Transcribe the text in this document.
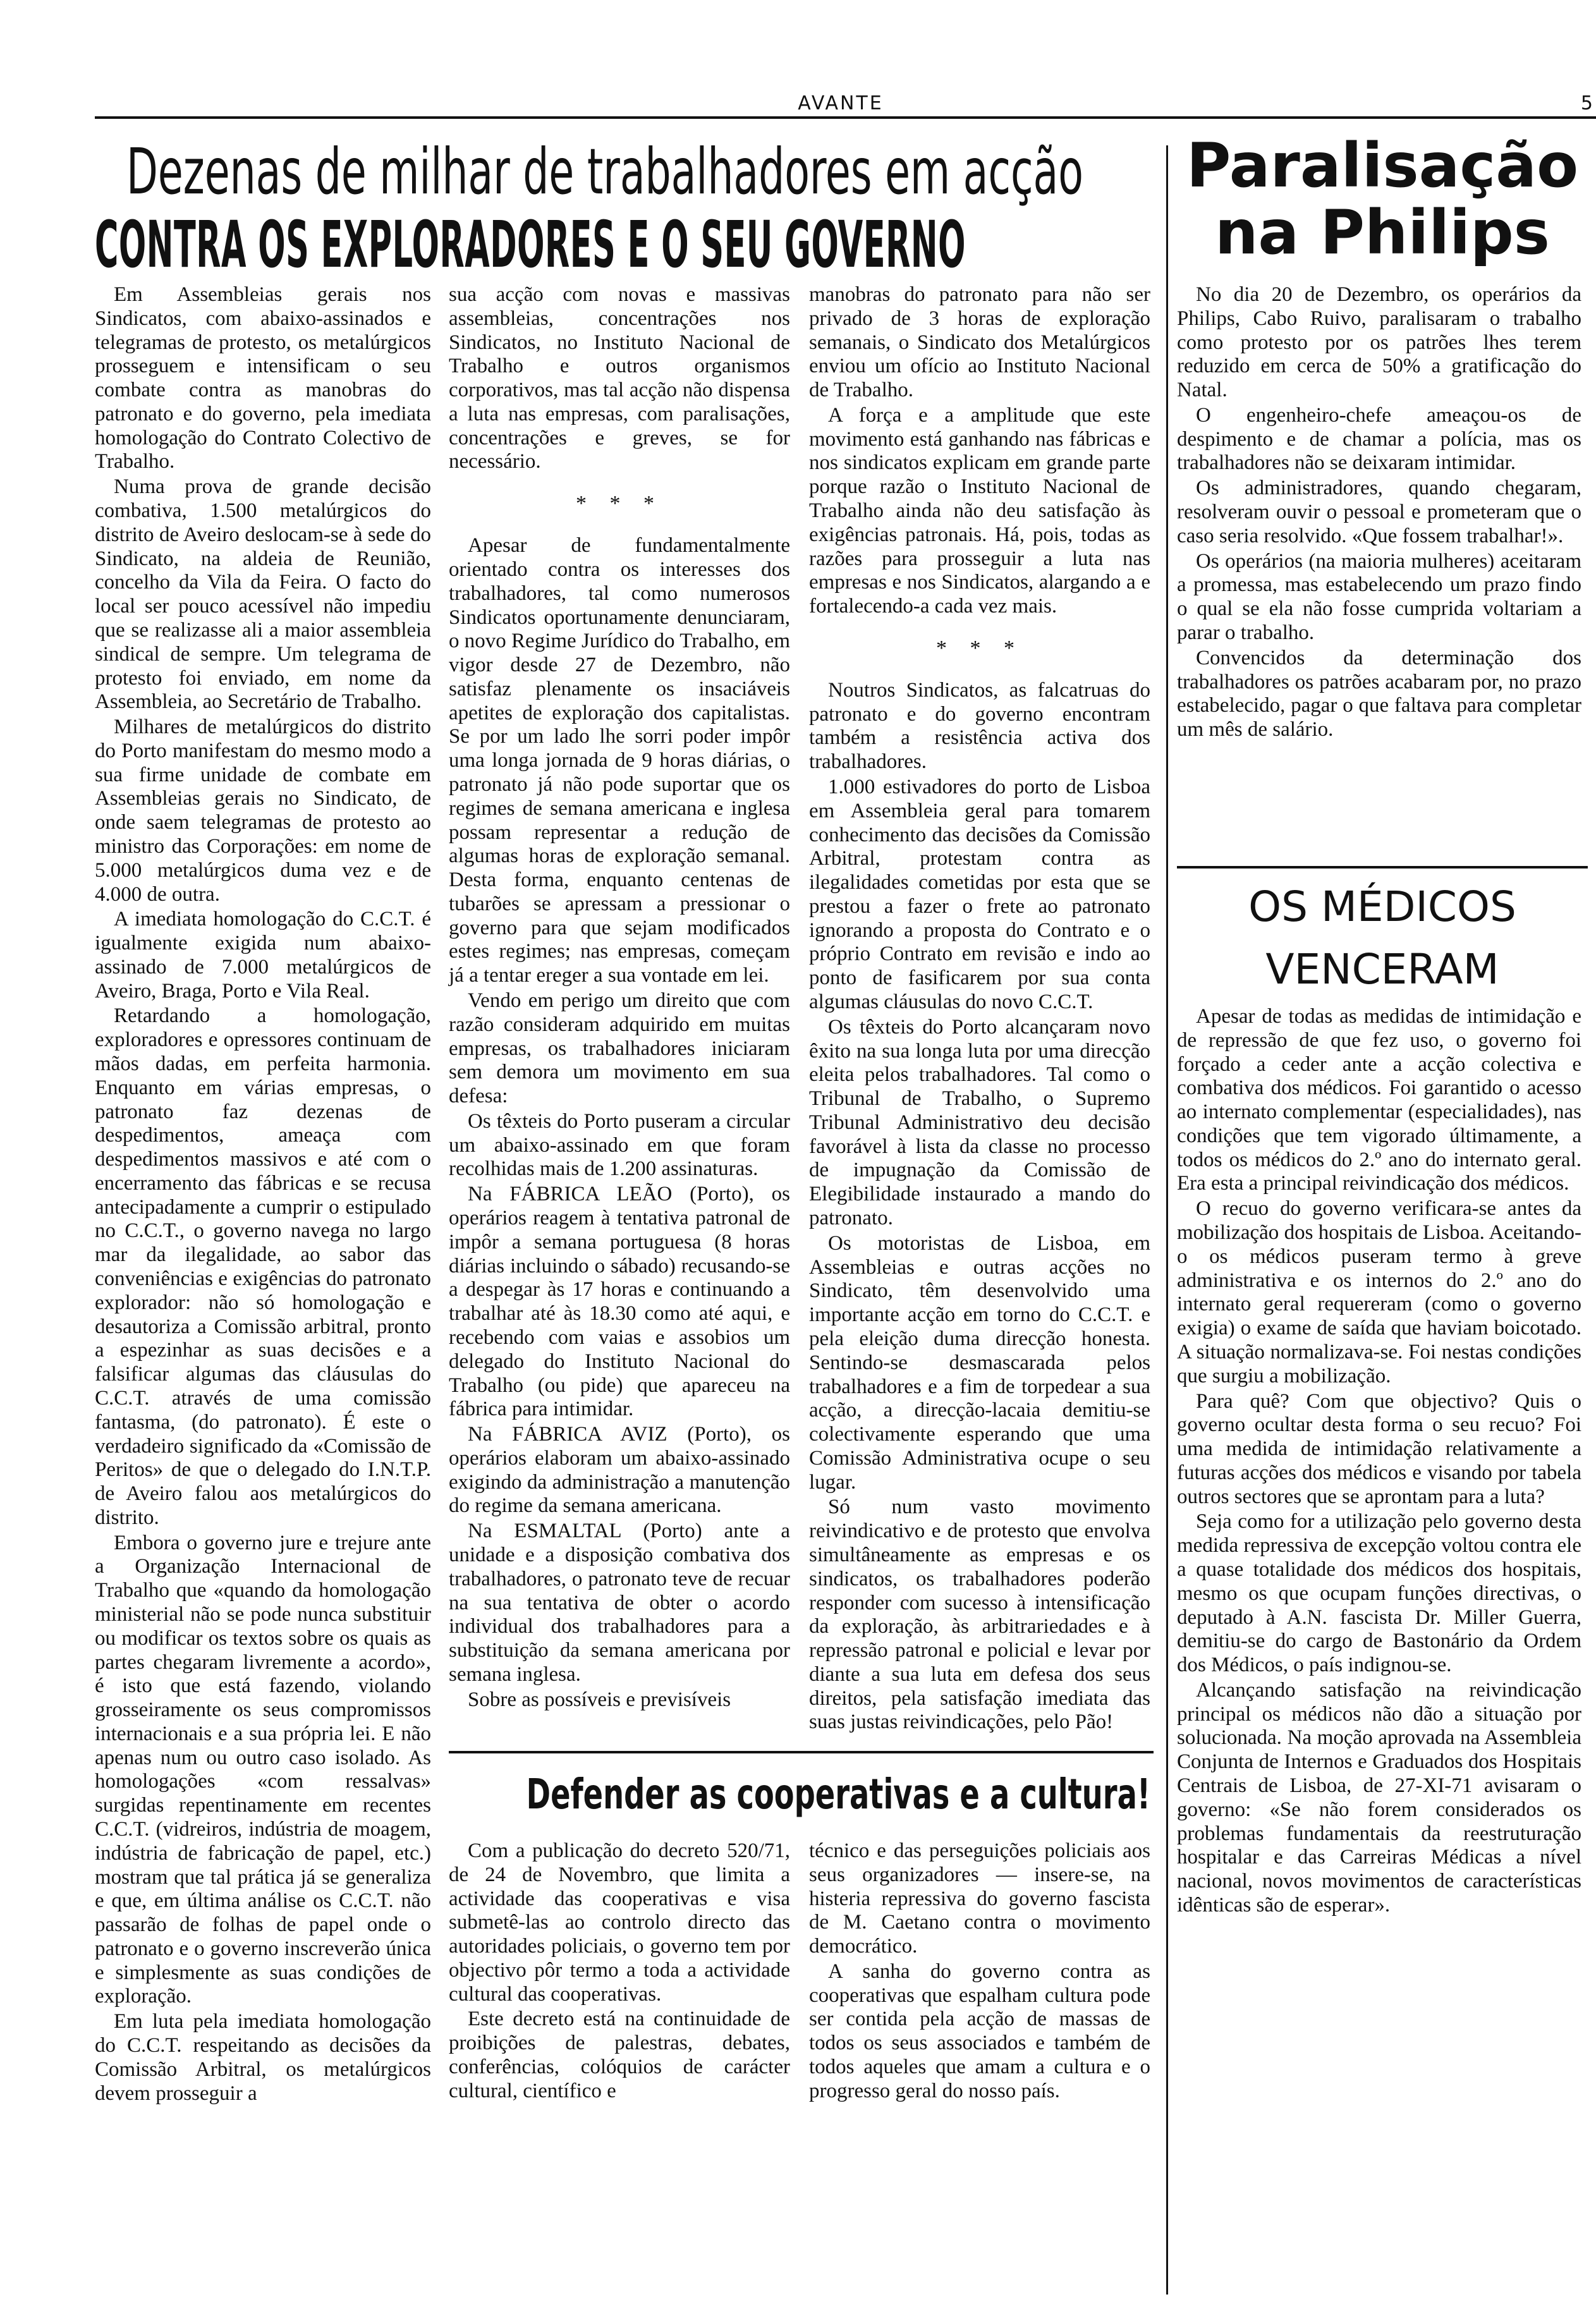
AVANTE	5
Dezenas de milhar de trabalhadores em acção
CONTRA OS EXPLORADORES E O SEU GOVERNO

Em Assembleias gerais nos Sindicatos, com abaixo-assinados e telegramas de protesto, os metalúrgicos prosseguem e intensificam o seu combate contra as manobras do patronato e do governo, pela imediata homologação do Contrato Colectivo de Trabalho.

Numa prova de grande decisão combativa, 1.500 metalúrgicos do distrito de Aveiro deslocam-se à sede do Sindicato, na aldeia de Reunião, concelho da Vila da Feira. O facto do local ser pouco acessível não impediu que se realizasse ali a maior assembleia sindical de sempre. Um telegrama de protesto foi enviado, em nome da Assembleia, ao Secretário de Trabalho.

Milhares de metalúrgicos do distrito do Porto manifestam do mesmo modo a sua firme unidade de combate em Assembleias gerais no Sindicato, de onde saem telegramas de protesto ao ministro das Corporações: em nome de 5.000 metalúrgicos duma vez e de 4.000 de outra.

A imediata homologação do C.C.T. é igualmente exigida num abaixo-assinado de 7.000 metalúrgicos de Aveiro, Braga, Porto e Vila Real.

Retardando a homologação, exploradores e opressores continuam de mãos dadas, em perfeita harmonia. Enquanto em várias empresas, o patronato faz dezenas de despedimentos, ameaça com despedimentos massivos e até com o encerramento das fábricas e se recusa antecipadamente a cumprir o estipulado no C.C.T., o governo navega no largo mar da ilegalidade, ao sabor das conveniências e exigências do patronato explorador: não só homologação e desautoriza a Comissão arbitral, pronto a espezinhar as suas decisões e a falsificar algumas das cláusulas do C.C.T. através de uma comissão fantasma, (do patronato). É este o verdadeiro significado da «Comissão de Peritos» de que o delegado do I.N.T.P. de Aveiro falou aos metalúrgicos do distrito.

Embora o governo jure e trejure ante a Organização Internacional de Trabalho que «quando da homologação ministerial não se pode nunca substituir ou modificar os textos sobre os quais as partes chegaram livremente a acordo», é isto que está fazendo, violando grosseiramente os seus compromissos internacionais e a sua própria lei. E não apenas num ou outro caso isolado. As homologações «com ressalvas» surgidas repentinamente em recentes C.C.T. (vidreiros, indústria de moagem, indústria de fabricação de papel, etc.) mostram que tal prática já se generaliza e que, em última análise os C.C.T. não passarão de folhas de papel onde o patronato e o governo inscreverão única e simplesmente as suas condições de exploração.

Em luta pela imediata homologação do C.C.T. respeitando as decisões da Comissão Arbitral, os metalúrgicos devem prosseguir a

sua acção com novas e massivas assembleias, concentrações nos Sindicatos, no Instituto Nacional de Trabalho e outros organismos corporativos, mas tal acção não dispensa a luta nas empresas, com paralisações, concentrações e greves, se for necessário.

* * *

Apesar de fundamentalmente orientado contra os interesses dos trabalhadores, tal como numerosos Sindicatos oportunamente denunciaram, o novo Regime Jurídico do Trabalho, em vigor desde 27 de Dezembro, não satisfaz plenamente os insaciáveis apetites de exploração dos capitalistas. Se por um lado lhe sorri poder impôr uma longa jornada de 9 horas diárias, o patronato já não pode suportar que os regimes de semana americana e inglesa possam representar a redução de algumas horas de exploração semanal. Desta forma, enquanto centenas de tubarões se apressam a pressionar o governo para que sejam modificados estes regimes; nas empresas, começam já a tentar ereger a sua vontade em lei.

Vendo em perigo um direito que com razão consideram adquirido em muitas empresas, os trabalhadores iniciaram sem demora um movimento em sua defesa:

Os têxteis do Porto puseram a circular um abaixo-assinado em que foram recolhidas mais de 1.200 assinaturas.

Na FÁBRICA LEÃO (Porto), os operários reagem à tentativa patronal de impôr a semana portuguesa (8 horas diárias incluindo o sábado) recusando-se a despegar às 17 horas e continuando a trabalhar até às 18.30 como até aqui, e recebendo com vaias e assobios um delegado do Instituto Nacional do Trabalho (ou pide) que apareceu na fábrica para intimidar.

Na FÁBRICA AVIZ (Porto), os operários elaboram um abaixo-assinado exigindo da administração a manutenção do regime da semana americana.

Na ESMALTAL (Porto) ante a unidade e a disposição combativa dos trabalhadores, o patronato teve de recuar na sua tentativa de obter o acordo individual dos trabalhadores para a substituição da semana americana por semana inglesa.

Sobre as possíveis e previsíveis

manobras do patronato para não ser privado de 3 horas de exploração semanais, o Sindicato dos Metalúrgicos enviou um ofício ao Instituto Nacional de Trabalho.

A força e a amplitude que este movimento está ganhando nas fábricas e nos sindicatos explicam em grande parte porque razão o Instituto Nacional de Trabalho ainda não deu satisfação às exigências patronais. Há, pois, todas as razões para prosseguir a luta nas empresas e nos Sindicatos, alargando a e fortalecendo-a cada vez mais.

* * *

Noutros Sindicatos, as falcatruas do patronato e do governo encontram também a resistência activa dos trabalhadores.

1.000 estivadores do porto de Lisboa em Assembleia geral para tomarem conhecimento das decisões da Comissão Arbitral, protestam contra as ilegalidades cometidas por esta que se prestou a fazer o frete ao patronato ignorando a proposta do Contrato e o próprio Contrato em revisão e indo ao ponto de fasificarem por sua conta algumas cláusulas do novo C.C.T.

Os têxteis do Porto alcançaram novo êxito na sua longa luta por uma direcção eleita pelos trabalhadores. Tal como o Tribunal de Trabalho, o Supremo Tribunal Administrativo deu decisão favorável à lista da classe no processo de impugnação da Comissão de Elegibilidade instaurado a mando do patronato.

Os motoristas de Lisboa, em Assembleias e outras acções no Sindicato, têm desenvolvido uma importante acção em torno do C.C.T. e pela eleição duma direcção honesta. Sentindo-se desmascarada pelos trabalhadores e a fim de torpedear a sua acção, a direcção-lacaia demitiu-se colectivamente esperando que uma Comissão Administrativa ocupe o seu lugar.

Só num vasto movimento reivindicativo e de protesto que envolva simultâneamente as empresas e os sindicatos, os trabalhadores poderão responder com sucesso à intensificação da exploração, às arbitrariedades e à repressão patronal e policial e levar por diante a sua luta em defesa dos seus direitos, pela satisfação imediata das suas justas reivindicações, pelo Pão!

Defender as cooperativas e a cultura!

Com a publicação do decreto 520/71, de 24 de Novembro, que limita a actividade das cooperativas e visa submetê-las ao controlo directo das autoridades policiais, o governo tem por objectivo pôr termo a toda a actividade cultural das cooperativas.

Este decreto está na continuidade de proibições de palestras, debates, conferências, colóquios de carácter cultural, científico e

técnico e das perseguições policiais aos seus organizadores — insere-se, na histeria repressiva do governo fascista de M. Caetano contra o movimento democrático.

A sanha do governo contra as cooperativas que espalham cultura pode ser contida pela acção de massas de todos os seus associados e também de todos aqueles que amam a cultura e o progresso geral do nosso país.

Paralisação
na Philips

No dia 20 de Dezembro, os operários da Philips, Cabo Ruivo, paralisaram o trabalho como protesto por os patrões lhes terem reduzido em cerca de 50% a gratificação do Natal.

O engenheiro-chefe ameaçou-os de despimento e de chamar a polícia, mas os trabalhadores não se deixaram intimidar.

Os administradores, quando chegaram, resolveram ouvir o pessoal e prometeram que o caso seria resolvido. «Que fossem trabalhar!».

Os operários (na maioria mulheres) aceitaram a promessa, mas estabelecendo um prazo findo o qual se ela não fosse cumprida voltariam a parar o trabalho.

Convencidos da determinação dos trabalhadores os patrões acabaram por, no prazo estabelecido, pagar o que faltava para completar um mês de salário.

OS MÉDICOS
VENCERAM

Apesar de todas as medidas de intimidação e de repressão de que fez uso, o governo foi forçado a ceder ante a acção colectiva e combativa dos médicos. Foi garantido o acesso ao internato complementar (especialidades), nas condições que tem vigorado últimamente, a todos os médicos do 2.º ano do internato geral. Era esta a principal reivindicação dos médicos.

O recuo do governo verificara-se antes da mobilização dos hospitais de Lisboa. Aceitando-o os médicos puseram termo à greve administrativa e os internos do 2.º ano do internato geral requereram (como o governo exigia) o exame de saída que haviam boicotado. A situação normalizava-se. Foi nestas condições que surgiu a mobilização.

Para quê? Com que objectivo? Quis o governo ocultar desta forma o seu recuo? Foi uma medida de intimidação relativamente a futuras acções dos médicos e visando por tabela outros sectores que se aprontam para a luta?

Seja como for a utilização pelo governo desta medida repressiva de excepção voltou contra ele a quase totalidade dos médicos dos hospitais, mesmo os que ocupam funções directivas, o deputado à A.N. fascista Dr. Miller Guerra, demitiu-se do cargo de Bastonário da Ordem dos Médicos, o país indignou-se.

Alcançando satisfação na reivindicação principal os médicos não dão a situação por solucionada. Na moção aprovada na Assembleia Conjunta de Internos e Graduados dos Hospitais Centrais de Lisboa, de 27-XI-71 avisaram o governo: «Se não forem considerados os problemas fundamentais da reestruturação hospitalar e das Carreiras Médicas a nível nacional, novos movimentos de características idênticas são de esperar».
